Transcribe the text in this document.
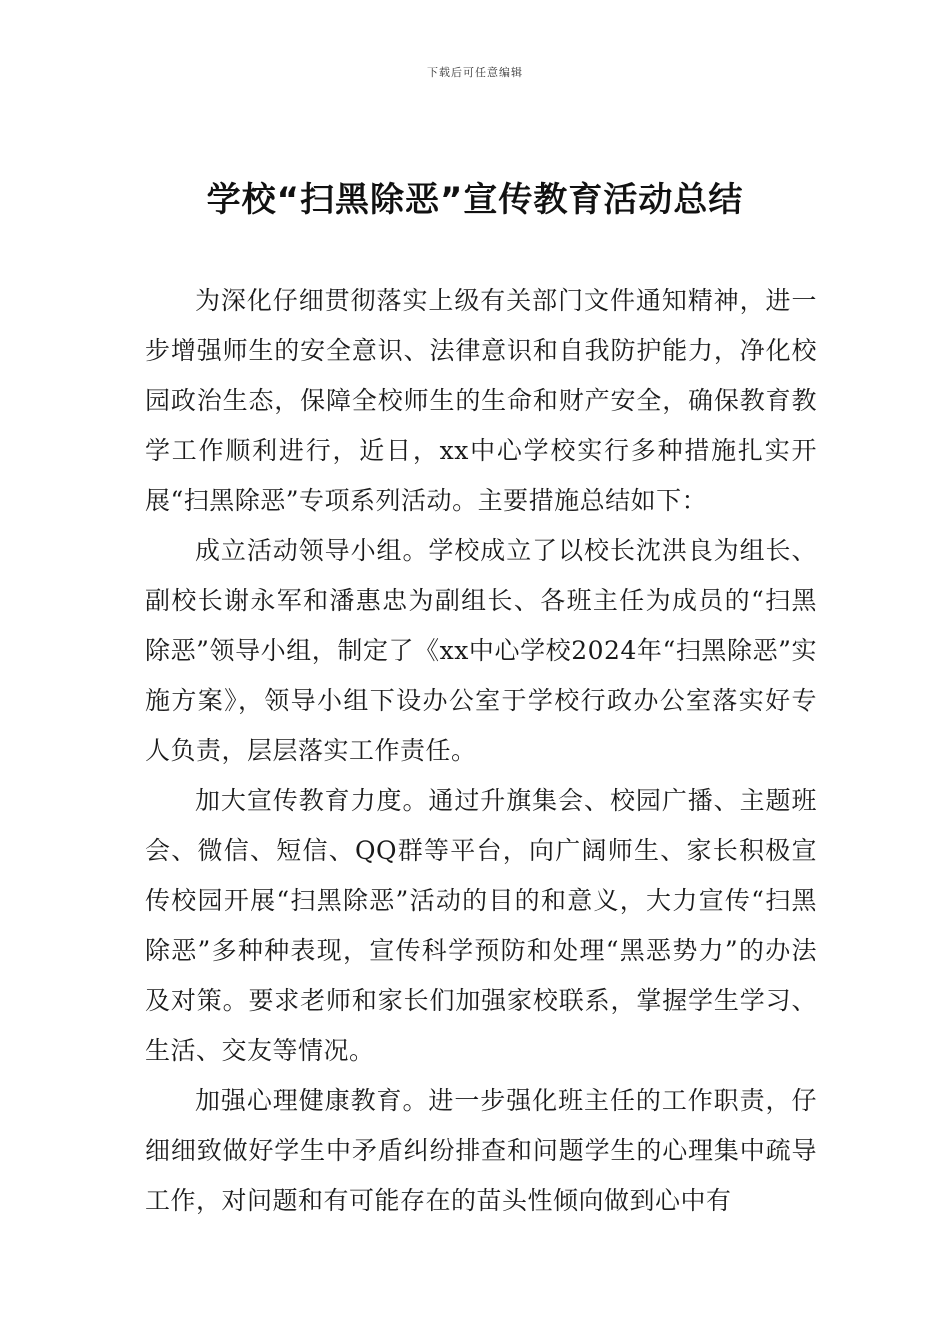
下载后可任意编辑
学校“扫黑除恶”宣传教育活动总结

为深化仔细贯彻落实上级有关部门文件通知精神，进一步增强师生的安全意识、法律意识和自我防护能力，净化校园政治生态，保障全校师生的生命和财产安全，确保教育教学工作顺利进行，近日，xx中心学校实行多种措施扎实开展“扫黑除恶”专项系列活动。主要措施总结如下：

成立活动领导小组。学校成立了以校长沈洪良为组长、副校长谢永军和潘惠忠为副组长、各班主任为成员的“扫黑除恶”领导小组，制定了《xx中心学校2024年“扫黑除恶”实施方案》，领导小组下设办公室于学校行政办公室落实好专人负责，层层落实工作责任。

加大宣传教育力度。通过升旗集会、校园广播、主题班会、微信、短信、QQ群等平台，向广阔师生、家长积极宣传校园开展“扫黑除恶”活动的目的和意义，大力宣传“扫黑除恶”多种种表现，宣传科学预防和处理“黑恶势力”的办法及对策。要求老师和家长们加强家校联系，掌握学生学习、生活、交友等情况。

加强心理健康教育。进一步强化班主任的工作职责，仔细细致做好学生中矛盾纠纷排查和问题学生的心理集中疏导工作，对问题和有可能存在的苗头性倾向做到心中有
